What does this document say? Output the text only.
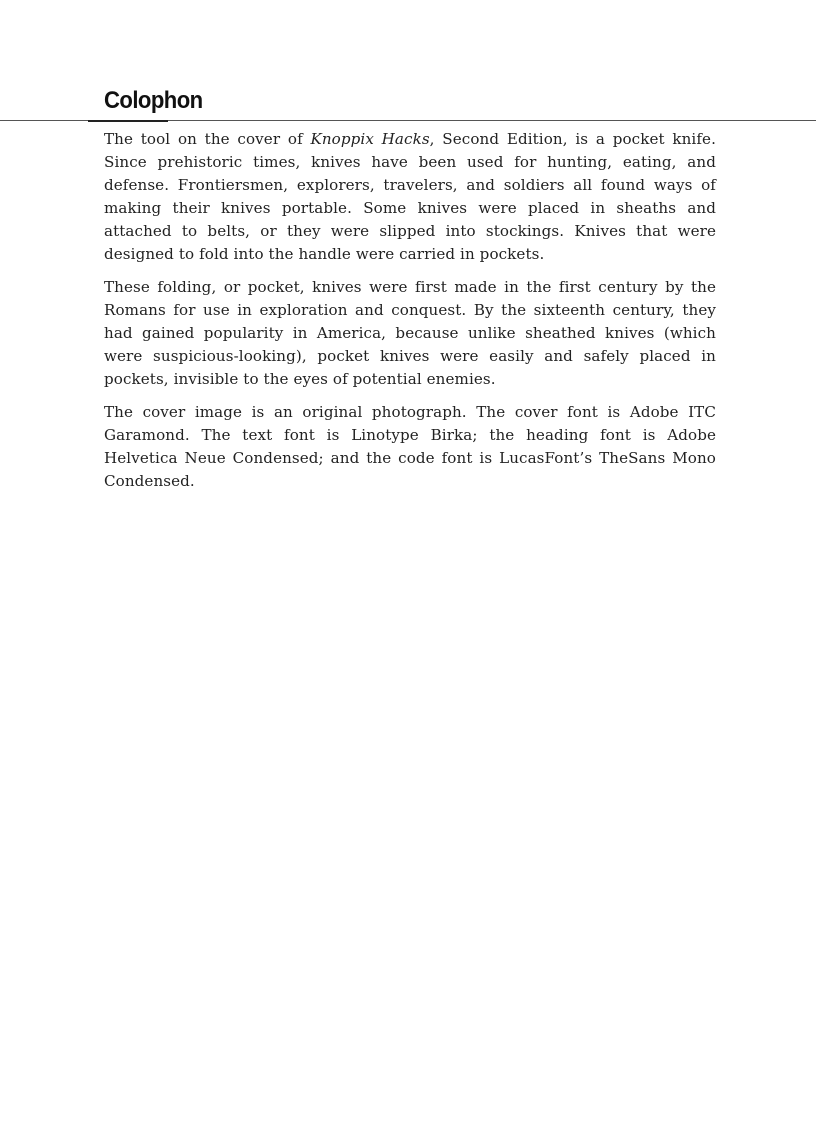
Colophon

The tool on the cover of Knoppix Hacks, Second Edition, is a pocket knife. Since prehistoric times, knives have been used for hunting, eating, and defense. Frontiersmen, explorers, travelers, and soldiers all found ways of making their knives portable. Some knives were placed in sheaths and attached to belts, or they were slipped into stockings. Knives that were designed to fold into the handle were carried in pockets.

These folding, or pocket, knives were first made in the first century by the Romans for use in exploration and conquest. By the sixteenth century, they had gained popularity in America, because unlike sheathed knives (which were suspicious-looking), pocket knives were easily and safely placed in pockets, invisible to the eyes of potential enemies.

The cover image is an original photograph. The cover font is Adobe ITC Garamond. The text font is Linotype Birka; the heading font is Adobe Helvetica Neue Condensed; and the code font is LucasFont’s TheSans Mono Condensed.
